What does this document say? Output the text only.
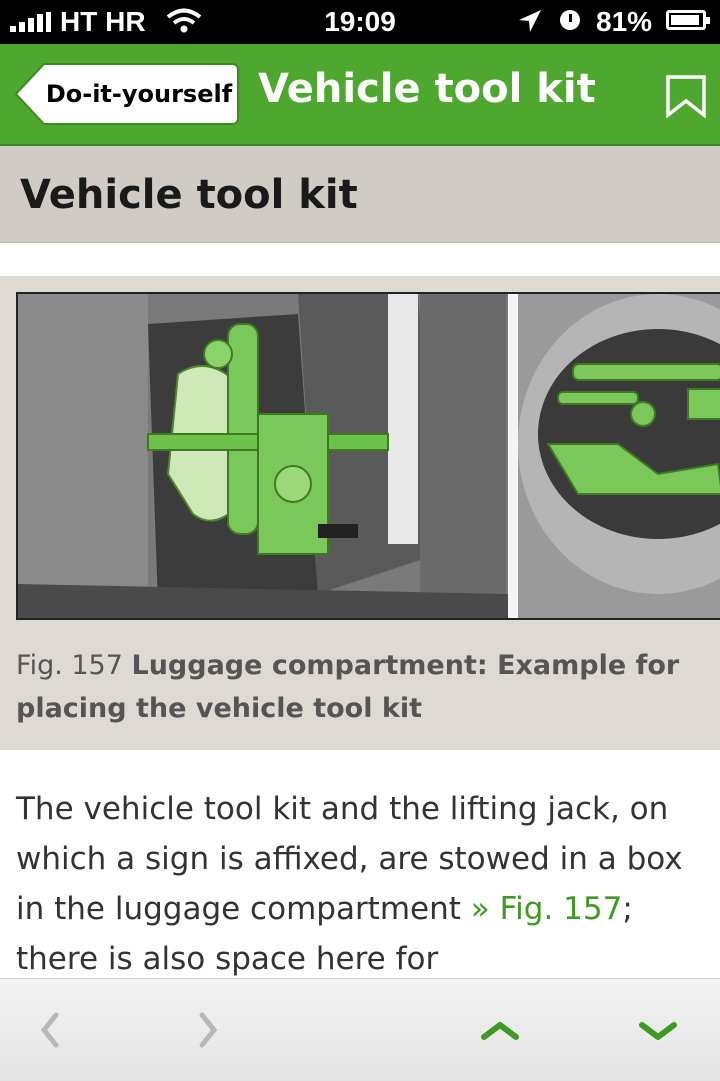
HT HR	19:09	81%
Do-it-yourself Vehicle tool kit
Vehicle tool kit
Fig. 157 Luggage compartment: Example for placing the vehicle tool kit
The vehicle tool kit and the lifting jack, on which a sign is affixed, are stowed in a box in the luggage compartment » Fig. 157; there is also space here for
